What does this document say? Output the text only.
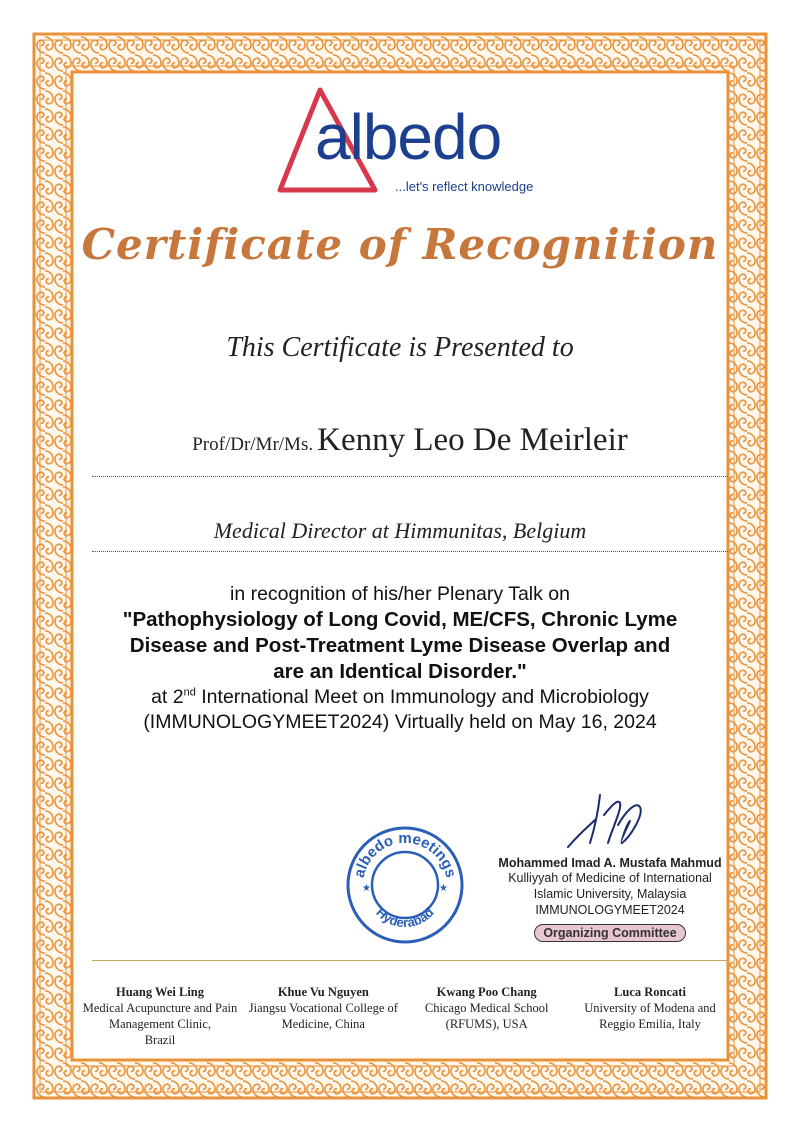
albedo
...let's reflect knowledge
Certificate of Recognition
This Certificate is Presented to
Prof/Dr/Mr/Ms. Kenny Leo De Meirleir
Medical Director at Himmunitas, Belgium
in recognition of his/her Plenary Talk on
"Pathophysiology of Long Covid, ME/CFS, Chronic Lyme
Disease and Post-Treatment Lyme Disease Overlap and
are an Identical Disorder."
at 2nd International Meet on Immunology and Microbiology
(IMMUNOLOGYMEET2024) Virtually held on May 16, 2024
albedo meetings
Hyderabad
★	★
Mohammed Imad A. Mustafa Mahmud
Kulliyyah of Medicine of International
Islamic University, Malaysia
IMMUNOLOGYMEET2024
Organizing Committee
Huang Wei Ling
Medical Acupuncture and Pain
Management Clinic,
Brazil
Khue Vu Nguyen
Jiangsu Vocational College of
Medicine, China
Kwang Poo Chang
Chicago Medical School
(RFUMS), USA
Luca Roncati
University of Modena and
Reggio Emilia, Italy
